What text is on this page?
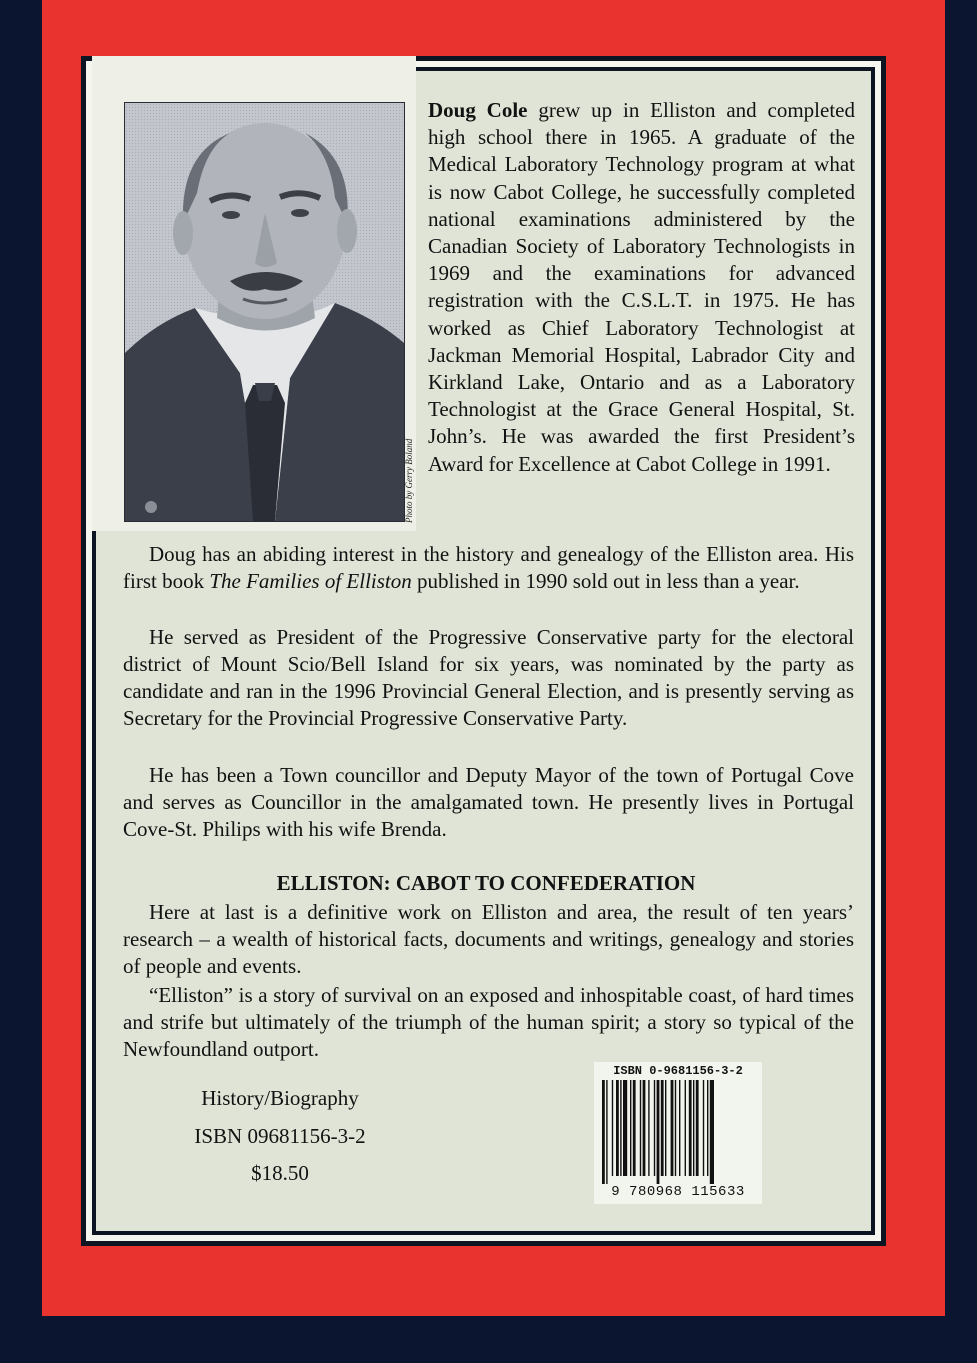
Photo by Gerry Boland

Doug Cole grew up in Elliston and completed high school there in 1965. A graduate of the Medical Laboratory Technology program at what is now Cabot College, he successfully completed national examinations administered by the Canadian Society of Laboratory Technologists in 1969 and the examinations for advanced registration with the C.S.L.T. in 1975. He has worked as Chief Laboratory Technologist at Jackman Memorial Hospital, Labrador City and Kirkland Lake, Ontario and as a Laboratory Technologist at the Grace General Hospital, St. John’s. He was awarded the first President’s Award for Excellence at Cabot College in 1991.

Doug has an abiding interest in the history and genealogy of the Elliston area. His first book The Families of Elliston published in 1990 sold out in less than a year.

He served as President of the Progressive Conservative party for the electoral district of Mount Scio/Bell Island for six years, was nominated by the party as candidate and ran in the 1996 Provincial General Election, and is presently serving as Secretary for the Provincial Progressive Conservative Party.

He has been a Town councillor and Deputy Mayor of the town of Portugal Cove and serves as Councillor in the amalgamated town. He presently lives in Portugal Cove-St. Philips with his wife Brenda.

ELLISTON: CABOT TO CONFEDERATION

Here at last is a definitive work on Elliston and area, the result of ten years’ research – a wealth of historical facts, documents and writings, genealogy and stories of people and events.

“Elliston” is a story of survival on an exposed and inhospitable coast, of hard times and strife but ultimately of the triumph of the human spirit; a story so typical of the Newfoundland outport.

History/Biography
ISBN 09681156-3-2
$18.50
ISBN 0-9681156-3-2
9 780968 115633
